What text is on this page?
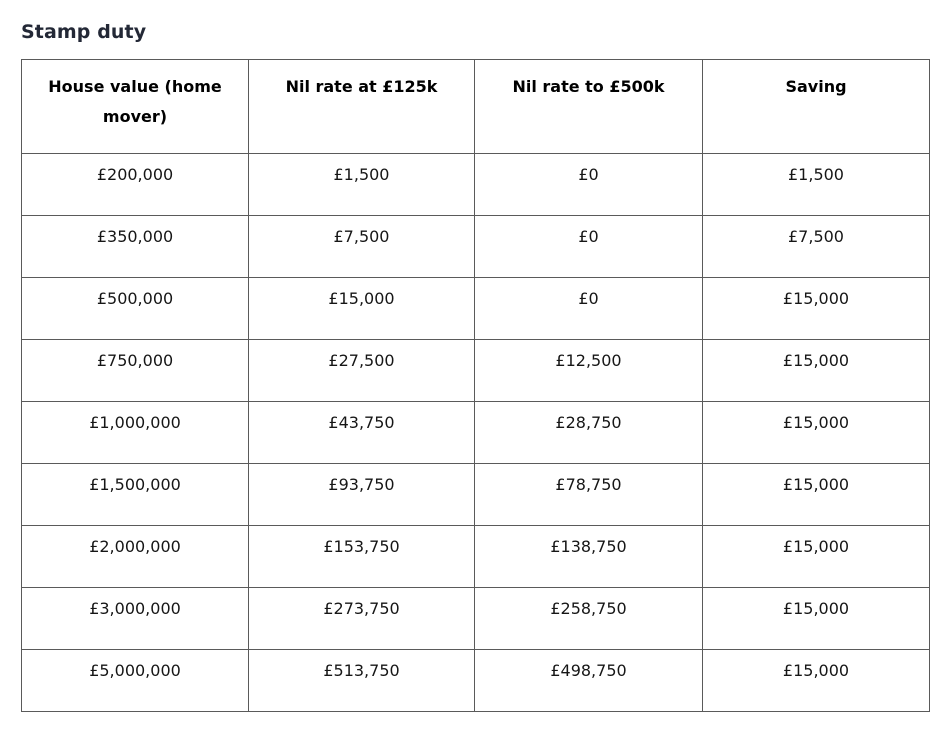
Stamp duty
House value (home mover)	Nil rate at £125k	Nil rate to £500k	Saving
£200,000	£1,500	£0	£1,500
£350,000	£7,500	£0	£7,500
£500,000	£15,000	£0	£15,000
£750,000	£27,500	£12,500	£15,000
£1,000,000	£43,750	£28,750	£15,000
£1,500,000	£93,750	£78,750	£15,000
£2,000,000	£153,750	£138,750	£15,000
£3,000,000	£273,750	£258,750	£15,000
£5,000,000	£513,750	£498,750	£15,000
